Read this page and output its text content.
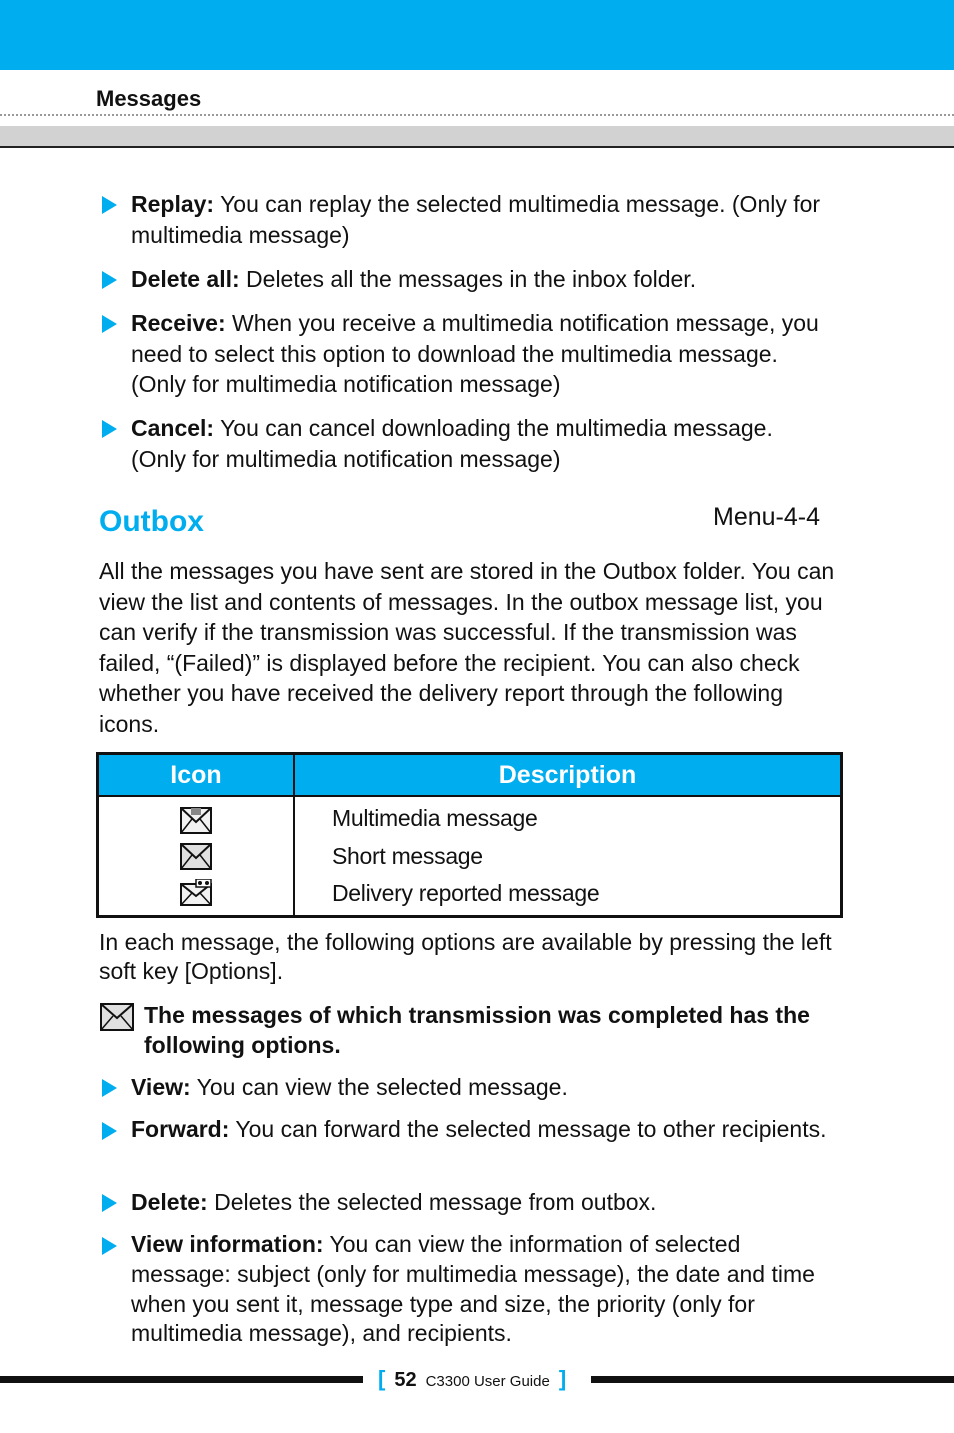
Messages
Replay: You can replay the selected multimedia message. (Only for multimedia message)
Delete all: Deletes all the messages in the inbox folder.
Receive: When you receive a multimedia notification message, you need to select this option to download the multimedia message. (Only for multimedia notification message)
Cancel: You can cancel downloading the multimedia message. (Only for multimedia notification message)
Outbox	Menu-4-4

All the messages you have sent are stored in the Outbox folder. You can view the list and contents of messages. In the outbox message list, you can verify if the transmission was successful. If the transmission was failed, “(Failed)” is displayed before the recipient. You can also check whether you have received the delivery report through the following icons.

Icon	Description

Multimedia message
Short message
Delivery reported message

In each message, the following options are available by pressing the left soft key [Options].

The messages of which transmission was completed has the following options.

View: You can view the selected message.
Forward: You can forward the selected message to other recipients.
Delete: Deletes the selected message from outbox.
View information: You can view the information of selected message: subject (only for multimedia message), the date and time when you sent it, message type and size, the priority (only for multimedia message), and recipients.
[ 52 C3300 User Guide ]
